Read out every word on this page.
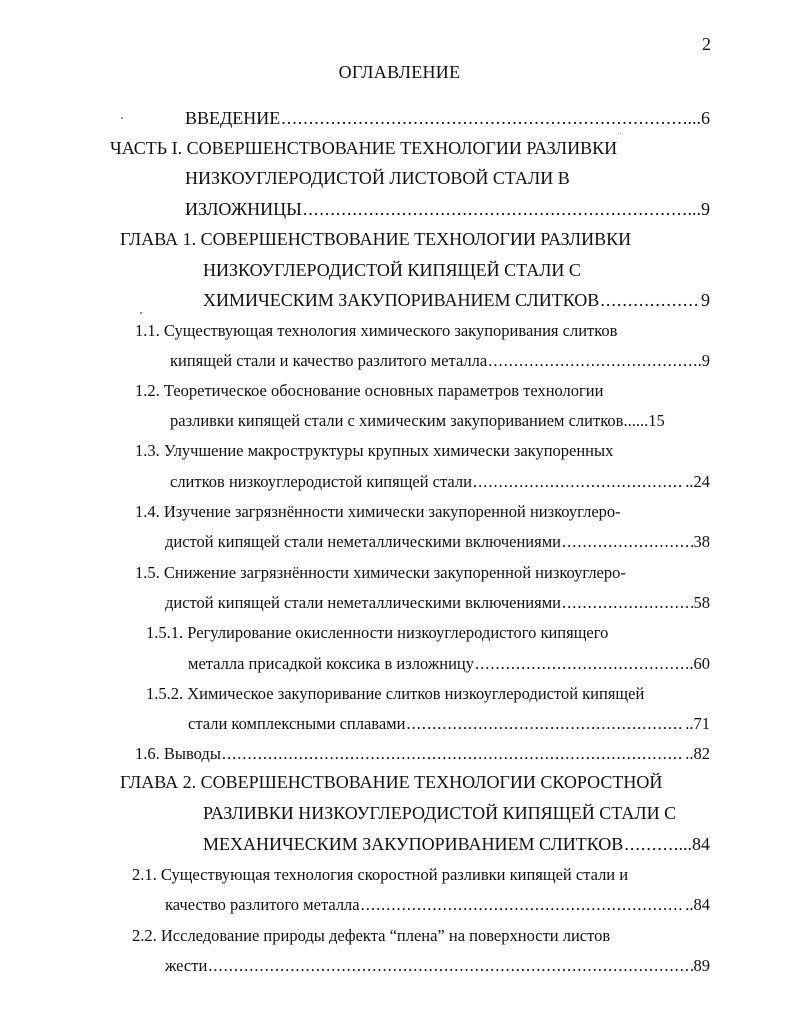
2
ОГЛАВЛЕНИЕ
ВВЕДЕНИЕ .....	...6
ЧАСТЬ I. СОВЕРШЕНСТВОВАНИЕ ТЕХНОЛОГИИ РАЗЛИВКИ
НИЗКОУГЛЕРОДИСТОЙ ЛИСТОВОЙ СТАЛИ В
ИЗЛОЖНИЦЫ .....	...9
ГЛАВА 1. СОВЕРШЕНСТВОВАНИЕ ТЕХНОЛОГИИ РАЗЛИВКИ
НИЗКОУГЛЕРОДИСТОЙ КИПЯЩЕЙ СТАЛИ С
ХИМИЧЕСКИМ ЗАКУПОРИВАНИЕМ СЛИТКОВ .....	9
1.1. Существующая технология химического закупоривания слитков
кипящей стали и качество разлитого металла .....	.9
1.2. Теоретическое обоснование основных параметров технологии
разливки кипящей стали с химическим закупориванием слитков ......15
1.3. Улучшение макроструктуры крупных химически закупоренных
слитков низкоуглеродистой кипящей стали .....	..24
1.4. Изучение загрязнённости химически закупоренной низкоуглеро-
дистой кипящей стали неметаллическими включениями .....	38
1.5. Снижение загрязнённости химически закупоренной низкоуглеро-
дистой кипящей стали неметаллическими включениями .....	58
1.5.1. Регулирование окисленности низкоуглеродистого кипящего
металла присадкой коксика в изложницу .....	.60
1.5.2. Химическое закупоривание слитков низкоуглеродистой кипящей
стали комплексными сплавами .....	..71
1.6. Выводы .....	..82
ГЛАВА 2. СОВЕРШЕНСТВОВАНИЕ ТЕХНОЛОГИИ СКОРОСТНОЙ
РАЗЛИВКИ НИЗКОУГЛЕРОДИСТОЙ КИПЯЩЕЙ СТАЛИ С
МЕХАНИЧЕСКИМ ЗАКУПОРИВАНИЕМ СЛИТКОВ .....	...84
2.1. Существующая технология скоростной разливки кипящей стали и
качество разлитого металла .....	..84
2.2. Исследование природы дефекта “плена” на поверхности листов
жести .....	89
